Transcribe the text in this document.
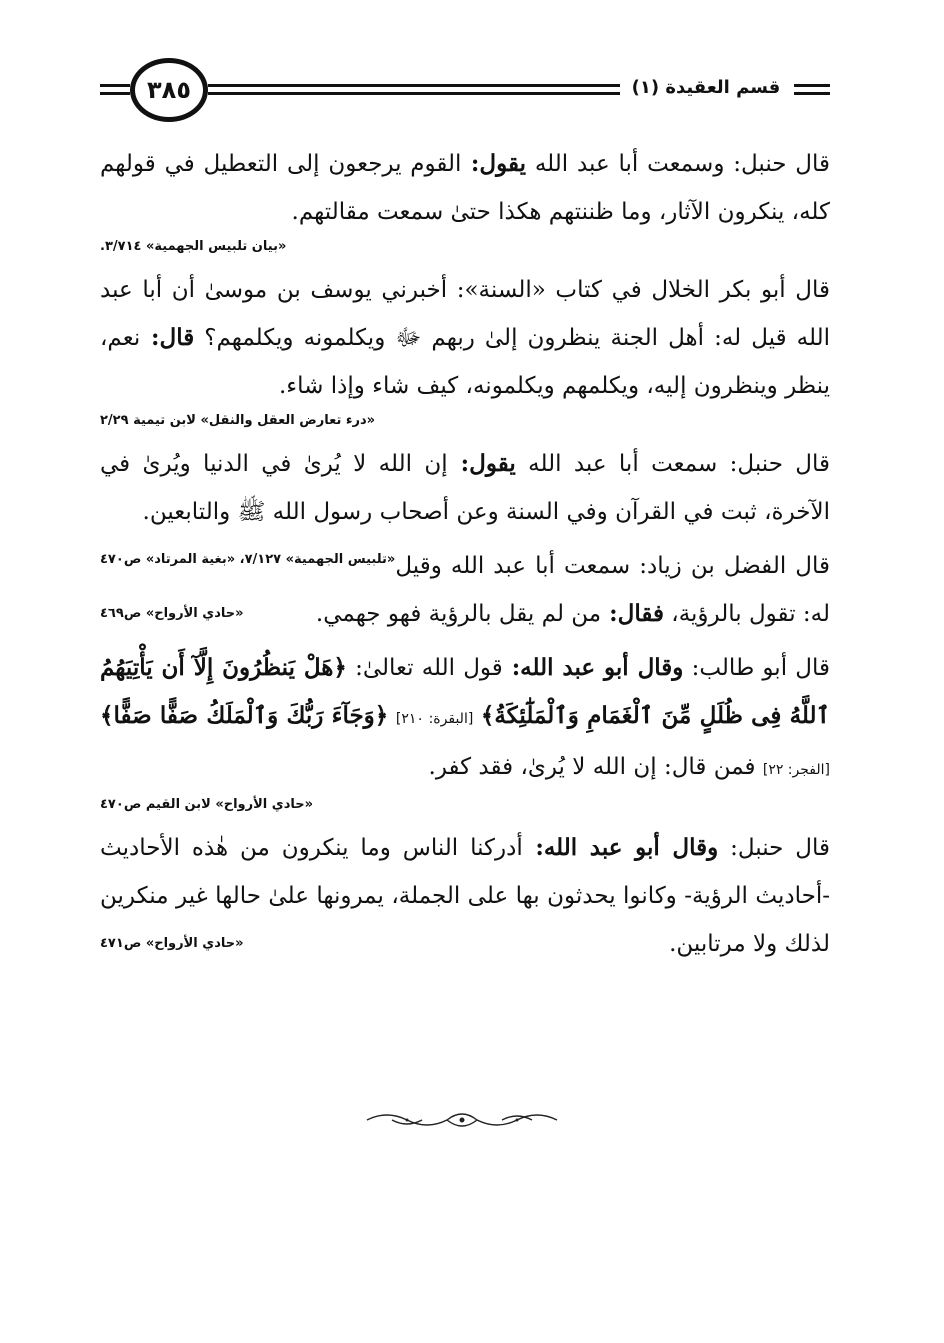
٣٨٥	قسم العقيدة (١)

قال حنبل: وسمعت أبا عبد الله يقول: القوم يرجعون إلى التعطيل في قولهم كله، ينكرون الآثار، وما ظننتهم هكذا حتىٰ سمعت مقالتهم.

«بيان تلبيس الجهمية» ٣/٧١٤.

قال أبو بكر الخلال في كتاب «السنة»: أخبرني يوسف بن موسىٰ أن أبا عبد الله قيل له: أهل الجنة ينظرون إلىٰ ربهم ﷻ ويكلمونه ويكلمهم؟ قال: نعم، ينظر وينظرون إليه، ويكلمهم ويكلمونه، كيف شاء وإذا شاء.

«درء تعارض العقل والنقل» لابن تيمية ٢/٢٩

قال حنبل: سمعت أبا عبد الله يقول: إن الله لا يُرىٰ في الدنيا ويُرىٰ في الآخرة، ثبت في القرآن وفي السنة وعن أصحاب رسول الله ﷺ والتابعين.
«تلبيس الجهمية» ٧/١٢٧، «بغية المرتاد» ص٤٧٠	قال الفضل بن زياد: سمعت أبا عبد الله وقيل له: تقول بالرؤية، فقال: من لم يقل بالرؤية فهو جهمي.
«حادي الأرواح» ص٤٦٩

قال أبو طالب: وقال أبو عبد الله: قول الله تعالىٰ: ﴿هَلْ يَنظُرُونَ إِلَّآ أَن يَأْتِيَهُمُ ٱللَّهُ فِى ظُلَلٍ مِّنَ ٱلْغَمَامِ وَٱلْمَلَٰٓئِكَةُ﴾ [البقرة: ٢١٠] ﴿وَجَآءَ رَبُّكَ وَٱلْمَلَكُ صَفًّا صَفًّا﴾ [الفجر: ٢٢] فمن قال: إن الله لا يُرىٰ، فقد كفر.

«حادي الأرواح» لابن القيم ص٤٧٠

قال حنبل: وقال أبو عبد الله: أدركنا الناس وما ينكرون من هٰذه الأحاديث -أحاديث الرؤية- وكانوا يحدثون بها على الجملة، يمرونها علىٰ حالها غير منكرين لذلك ولا مرتابين.
«حادي الأرواح» ص٤٧١
